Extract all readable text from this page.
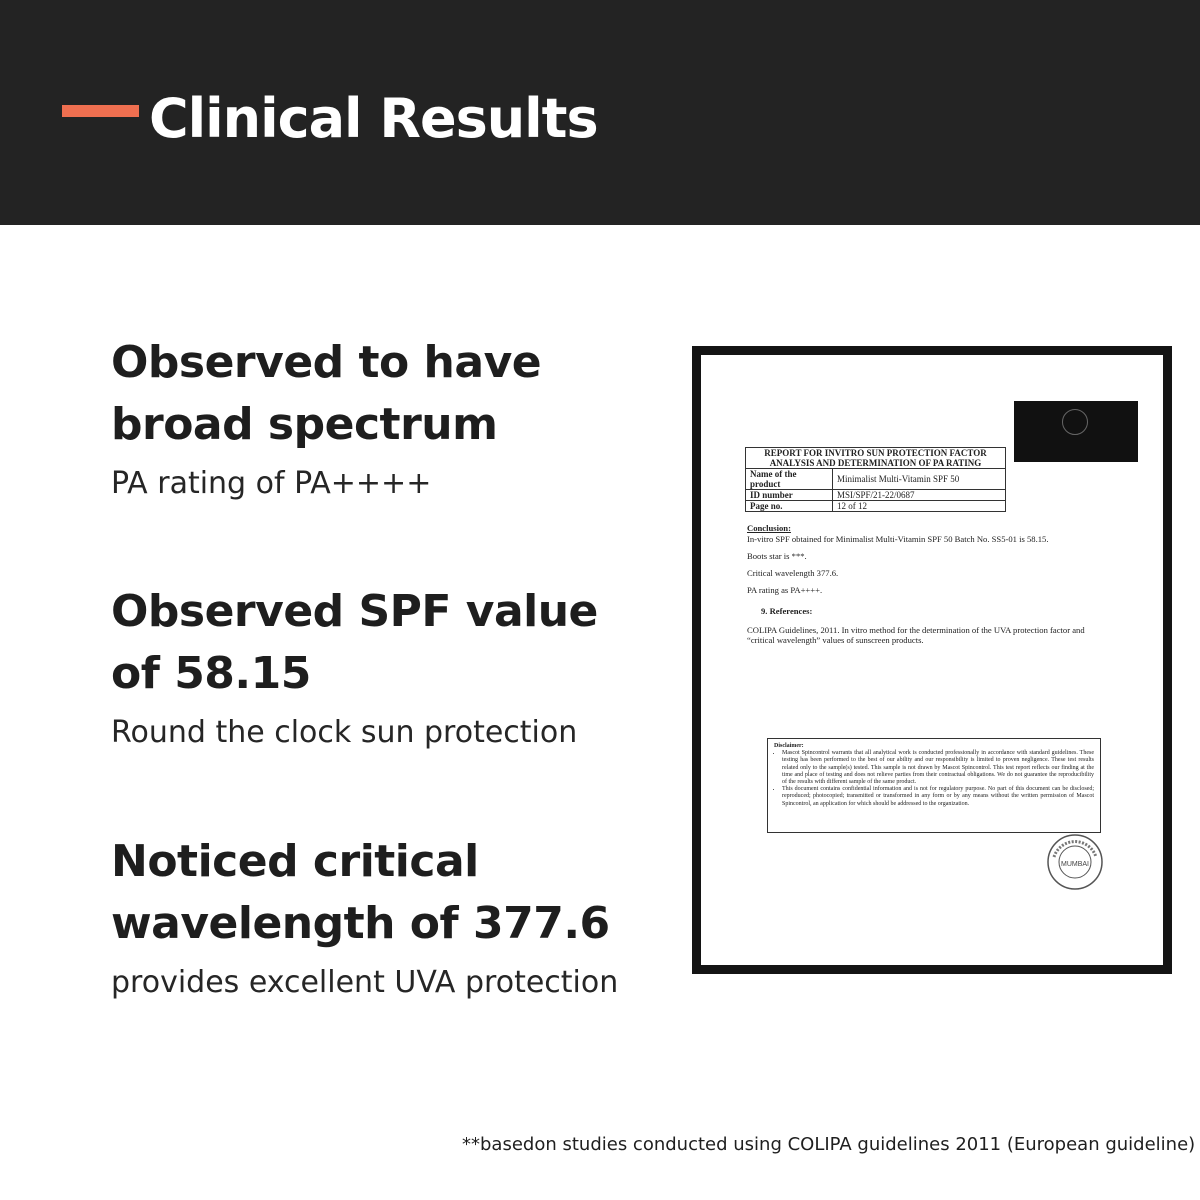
Clinical Results
Observed to have
broad spectrum

PA rating of PA++++

Observed SPF value
of 58.15

Round the clock sun protection

Noticed critical
wavelength of 377.6

provides excellent UVA protection

REPORT FOR INVITRO SUN PROTECTION FACTOR
ANALYSIS AND DETERMINATION OF PA RATING	

Name of the product	Minimalist Multi-Vitamin SPF 50
ID number	MSI/SPF/21-22/0687
Page no.	12 of 12
Conclusion:
In-vitro SPF obtained for Minimalist Multi-Vitamin SPF 50 Batch No. SS5-01 is 58.15.
Boots star is ***.
Critical wavelength 377.6.
PA rating as PA++++.
9. References:
COLIPA Guidelines, 2011. In vitro method for the determination of the UVA protection factor and
“critical wavelength” values of sunscreen products.
Disclaimer:
• Mascot Spincontrol warrants that all analytical work is conducted professionally in accordance with standard guidelines. These testing has been performed to the best of our ability and our responsibility is limited to proven negligence. These test results related only to the sample(s) tested. This sample is not drawn by Mascot Spincontrol. This test report reflects our finding at the time and place of testing and does not relieve parties from their contractual obligations. We do not guarantee the reproducibility of the results with different sample of the same product.
• This document contains confidential information and is not for regulatory purpose. No part of this document can be disclosed; reproduced; photocopied; transmitted or transformed in any form or by any means without the written permission of Mascot Spincontrol, an application for which should be addressed to the organization.
MUMBAI

**basedon studies conducted using COLIPA guidelines 2011 (European guideline)
